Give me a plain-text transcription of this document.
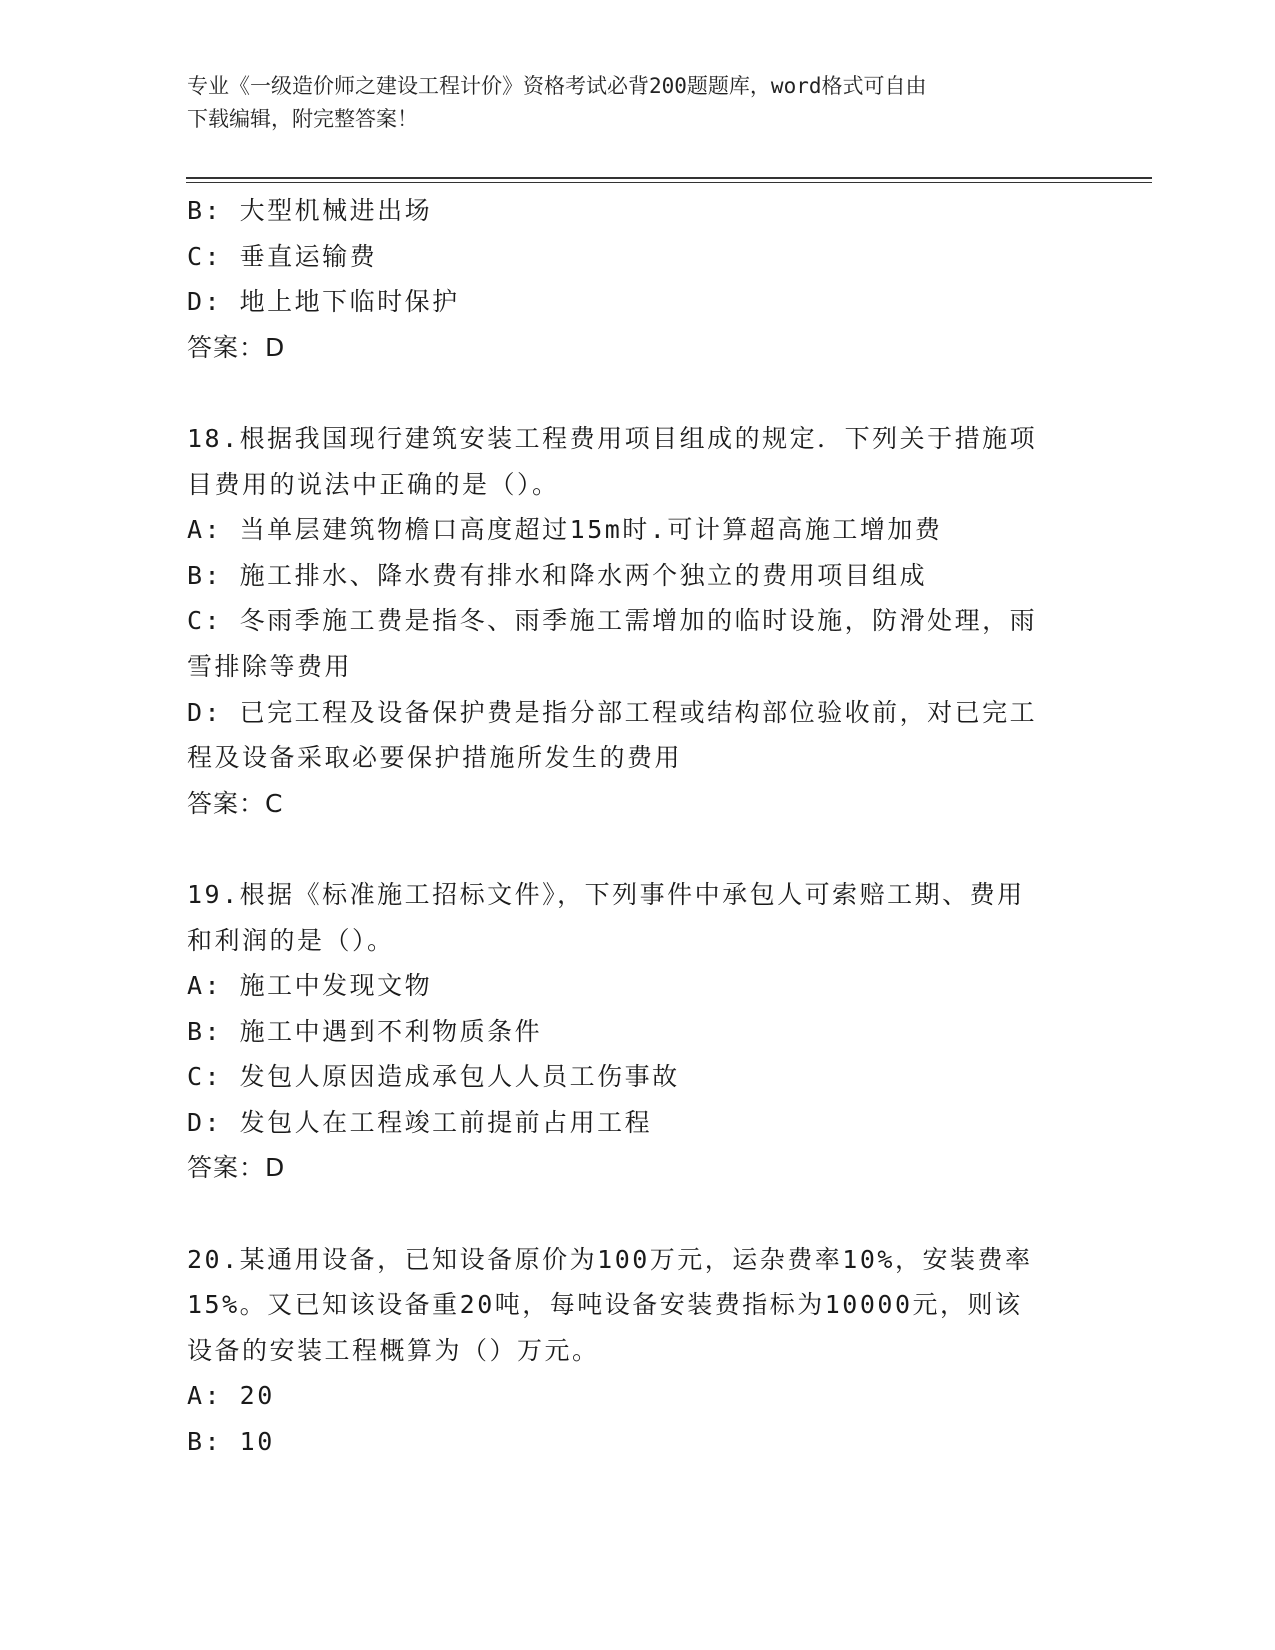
专业《一级造价师之建设工程计价》资格考试必背200题题库，word格式可自由
下载编辑，附完整答案！
B: 大型机械进出场
C: 垂直运输费
D: 地上地下临时保护
答案：D
18.根据我国现行建筑安装工程费用项目组成的规定．下列关于措施项
目费用的说法中正确的是（）。
A: 当单层建筑物檐口高度超过15m时.可计算超高施工增加费
B: 施工排水、降水费有排水和降水两个独立的费用项目组成
C: 冬雨季施工费是指冬、雨季施工需增加的临时设施，防滑处理，雨
雪排除等费用
D: 已完工程及设备保护费是指分部工程或结构部位验收前，对已完工
程及设备采取必要保护措施所发生的费用
答案：C
19.根据《标准施工招标文件》，下列事件中承包人可索赔工期、费用
和利润的是（）。
A: 施工中发现文物
B: 施工中遇到不利物质条件
C: 发包人原因造成承包人人员工伤事故
D: 发包人在工程竣工前提前占用工程
答案：D
20.某通用设备，已知设备原价为100万元，运杂费率10%，安装费率
15%。又已知该设备重20吨，每吨设备安装费指标为10000元，则该
设备的安装工程概算为（）万元。
A: 20
B: 10
